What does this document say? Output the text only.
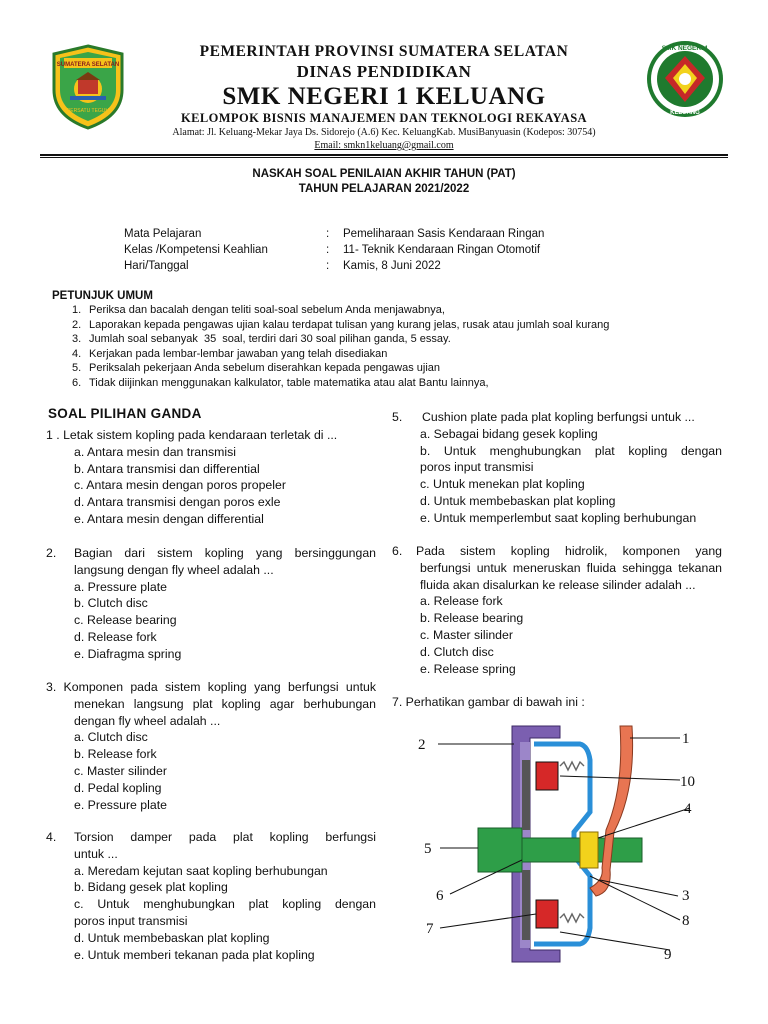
SUMATERA SELATAN
BERSATU TEGUH
SMK NEGERI 1
KELUANG
PEMERINTAH PROVINSI SUMATERA SELATAN
DINAS PENDIDIKAN
SMK NEGERI 1 KELUANG
KELOMPOK BISNIS MANAJEMEN DAN TEKNOLOGI REKAYASA
Alamat: Jl. Keluang-Mekar Jaya Ds. Sidorejo (A.6) Kec. KeluangKab. MusiBanyuasin (Kodepos: 30754)
Email: smkn1keluang@gmail.com
NASKAH SOAL PENILAIAN AKHIR TAHUN (PAT)
TAHUN PELAJARAN 2021/2022
Mata Pelajaran	: Pemeliharaan Sasis Kendaraan Ringan
Kelas /Kompetensi Keahlian	: 11- Teknik Kendaraan Ringan Otomotif
Hari/Tanggal	: Kamis, 8 Juni 2022
PETUNJUK UMUM
1. Periksa dan bacalah dengan teliti soal-soal sebelum Anda menjawabnya,
2. Laporakan kepada pengawas ujian kalau terdapat tulisan yang kurang jelas, rusak atau jumlah soal kurang
3. Jumlah soal sebanyak  35  soal, terdiri dari 30 soal pilihan ganda, 5 essay.
4. Kerjakan pada lembar-lembar jawaban yang telah disediakan
5. Periksalah pekerjaan Anda sebelum diserahkan kepada pengawas ujian
6. Tidak diijinkan menggunakan kalkulator, table matematika atau alat Bantu lainnya,
SOAL PILIHAN GANDA
1 . Letak sistem kopling pada kendaraan terletak di ...
a. Antara mesin dan transmisi
b. Antara transmisi dan differential
c. Antara mesin dengan poros propeler
d. Antara transmisi dengan poros exle
e. Antara mesin dengan differential
2.	Bagian dari sistem kopling yang bersinggungan
langsung dengan fly wheel adalah ...
a. Pressure plate
b. Clutch disc
c. Release bearing
d. Release fork
e. Diafragma spring
3. Komponen pada sistem kopling yang berfungsi untuk
menekan langsung plat kopling agar berhubungan
dengan fly wheel adalah ...
a. Clutch disc
b. Release fork
c. Master silinder
d. Pedal kopling
e. Pressure plate
4.	Torsion damper pada plat kopling berfungsi
untuk ...
a. Meredam kejutan saat kopling berhubungan
b. Bidang gesek plat kopling
c. Untuk menghubungkan plat kopling dengan
poros input transmisi
d. Untuk membebaskan plat kopling
e. Untuk memberi tekanan pada plat kopling
5.	Cushion plate pada plat kopling berfungsi untuk ...
a. Sebagai bidang gesek kopling
b. Untuk menghubungkan plat kopling dengan
poros input transmisi
c. Untuk menekan plat kopling
d. Untuk membebaskan plat kopling
e. Untuk memperlembut saat kopling berhubungan
6.	Pada sistem kopling hidrolik, komponen yang
berfungsi untuk meneruskan fluida sehingga tekanan
fluida akan disalurkan ke release silinder adalah ...
a. Release fork
b. Release bearing
c. Master silinder
d. Clutch disc
e. Release spring
7. Perhatikan gambar di bawah ini :
1
2
3
4
5
6
7	8
9
10
